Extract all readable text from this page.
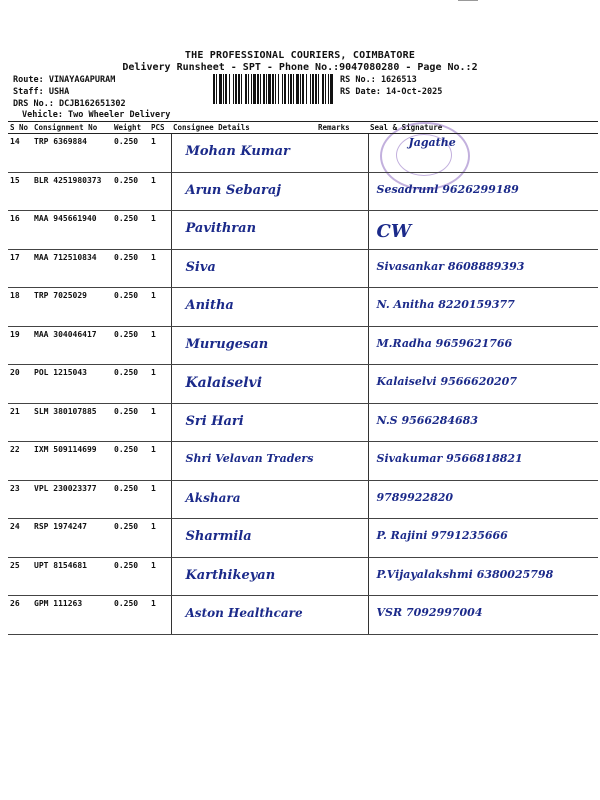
THE PROFESSIONAL COURIERS, COIMBATORE
Delivery Runsheet - SPT - Phone No.:9047080280 - Page No.:2
Route: VINAYAGAPURAM
Staff: USHA
DRS No.: DCJB162651302
Vehicle: Two Wheeler Delivery
RS No.: 1626513
RS Date: 14-Oct-2025
S No	Consignment No	Weight	PCS	Consignee Details	Remarks	Seal & Signature
14	TRP 6369884	0.250	1	Mohan Kumar		Jagathe

15	BLR 4251980373	0.250	1	Arun Sebaraj		Sesadrunl 9626299189

16	MAA 945661940	0.250	1	Pavithran		CW

17	MAA 712510834	0.250	1	Siva		Sivasankar 8608889393

18	TRP 7025029	0.250	1	Anitha		N. Anitha 8220159377

19	MAA 304046417	0.250	1	Murugesan		M.Radha 9659621766

20	POL 1215043	0.250	1	Kalaiselvi		Kalaiselvi 9566620207

21	SLM 380107885	0.250	1	Sri Hari		N.S 9566284683

22	IXM 509114699	0.250	1	Shri Velavan Traders		Sivakumar 9566818821

23	VPL 230023377	0.250	1	Akshara		9789922820

24	RSP 1974247	0.250	1	Sharmila		P. Rajini 9791235666

25	UPT 8154681	0.250	1	Karthikeyan		P.Vijayalakshmi 6380025798

26	GPM 111263	0.250	1	Aston Healthcare		VSR 7092997004
